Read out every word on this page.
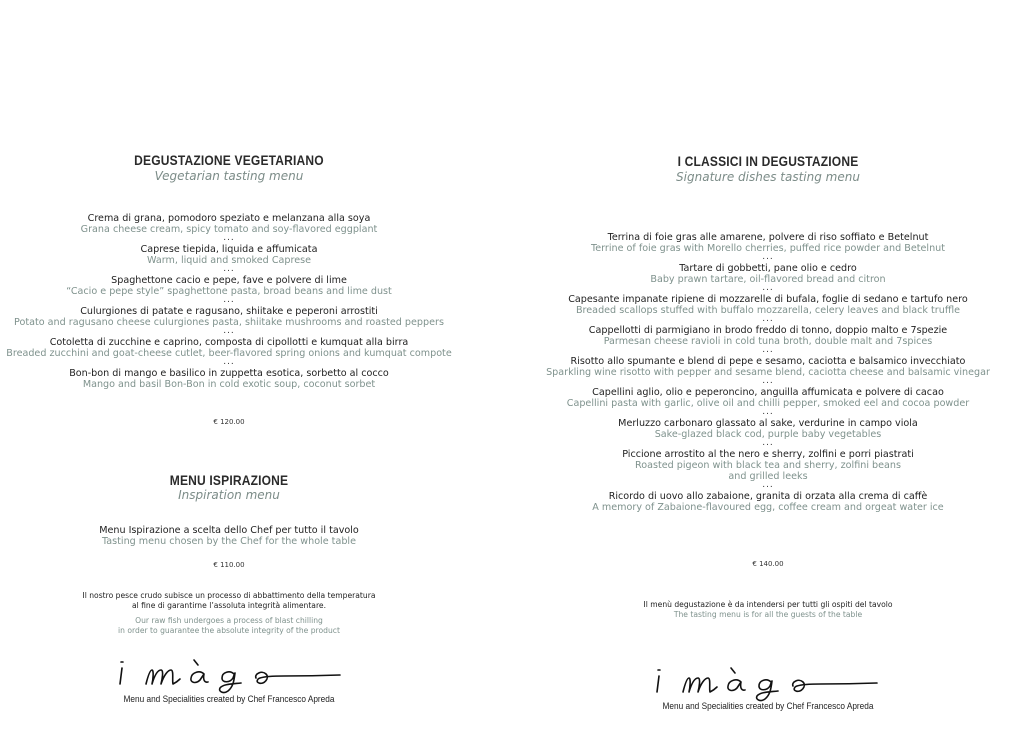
DEGUSTAZIONE VEGETARIANO
Vegetarian tasting menu
Crema di grana, pomodoro speziato e melanzana alla soya
Grana cheese cream, spicy tomato and soy-flavored eggplant
...
Caprese tiepida, liquida e affumicata
Warm, liquid and smoked Caprese
...
Spaghettone cacio e pepe, fave e polvere di lime
“Cacio e pepe style” spaghettone pasta, broad beans and lime dust
...
Culurgiones di patate e ragusano, shiitake e peperoni arrostiti
Potato and ragusano cheese culurgiones pasta, shiitake mushrooms and roasted peppers
...
Cotoletta di zucchine e caprino, composta di cipollotti e kumquat alla birra
Breaded zucchini and goat-cheese cutlet, beer-flavored spring onions and kumquat compote
...
Bon-bon di mango e basilico in zuppetta esotica, sorbetto al cocco
Mango and basil Bon-Bon in cold exotic soup, coconut sorbet
€ 120.00
MENU ISPIRAZIONE
Inspiration menu
Menu Ispirazione a scelta dello Chef per tutto il tavolo
Tasting menu chosen by the Chef for the whole table
€ 110.00
Il nostro pesce crudo subisce un processo di abbattimento della temperatura
al fine di garantirne l’assoluta integrità alimentare.
Our raw fish undergoes a process of blast chilling
in order to guarantee the absolute integrity of the product
Menu and Specialities created by Chef Francesco Apreda
I CLASSICI IN DEGUSTAZIONE
Signature dishes tasting menu
Terrina di foie gras alle amarene, polvere di riso soffiato e Betelnut
Terrine of foie gras with Morello cherries, puffed rice powder and Betelnut
...
Tartare di gobbetti, pane olio e cedro
Baby prawn tartare, oil-flavored bread and citron
...
Capesante impanate ripiene di mozzarelle di bufala, foglie di sedano e tartufo nero
Breaded scallops stuffed with buffalo mozzarella, celery leaves and black truffle
...
Cappellotti di parmigiano in brodo freddo di tonno, doppio malto e 7spezie
Parmesan cheese ravioli in cold tuna broth, double malt and 7spices
...
Risotto allo spumante e blend di pepe e sesamo, caciotta e balsamico invecchiato
Sparkling wine risotto with pepper and sesame blend, caciotta cheese and balsamic vinegar
...
Capellini aglio, olio e peperoncino, anguilla affumicata e polvere di cacao
Capellini pasta with garlic, olive oil and chilli pepper, smoked eel and cocoa powder
...
Merluzzo carbonaro glassato al sake, verdurine in campo viola
Sake-glazed black cod, purple baby vegetables
...
Piccione arrostito al the nero e sherry, zolfini e porri piastrati
Roasted pigeon with black tea and sherry, zolfini beans
and grilled leeks
...
Ricordo di uovo allo zabaione, granita di orzata alla crema di caffè
A memory of Zabaione-flavoured egg, coffee cream and orgeat water ice
€ 140.00
Il menù degustazione è da intendersi per tutti gli ospiti del tavolo
The tasting menu is for all the guests of the table
Menu and Specialities created by Chef Francesco Apreda
